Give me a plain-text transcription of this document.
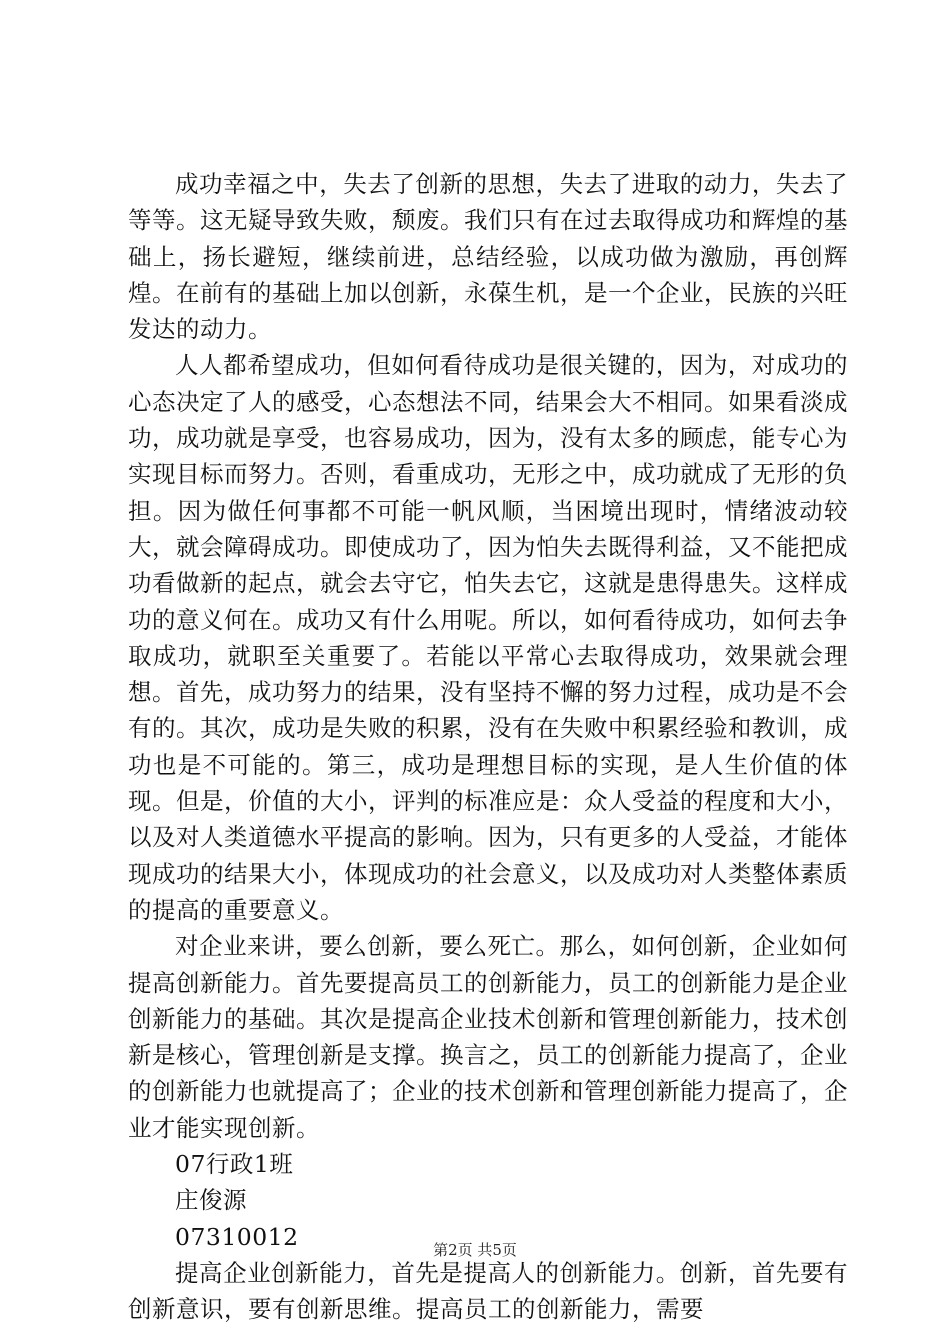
成功幸福之中，失去了创新的思想，失去了进取的动力，失去了等等。这无疑导致失败，颓废。我们只有在过去取得成功和辉煌的基础上，扬长避短，继续前进，总结经验，以成功做为激励，再创辉煌。在前有的基础上加以创新，永葆生机，是一个企业，民族的兴旺发达的动力。

人人都希望成功，但如何看待成功是很关键的，因为，对成功的心态决定了人的感受，心态想法不同，结果会大不相同。如果看淡成功，成功就是享受，也容易成功，因为，没有太多的顾虑，能专心为实现目标而努力。否则，看重成功，无形之中，成功就成了无形的负担。因为做任何事都不可能一帆风顺，当困境出现时，情绪波动较大，就会障碍成功。即使成功了，因为怕失去既得利益，又不能把成功看做新的起点，就会去守它，怕失去它，这就是患得患失。这样成功的意义何在。成功又有什么用呢。所以，如何看待成功，如何去争取成功，就职至关重要了。若能以平常心去取得成功，效果就会理想。首先，成功努力的结果，没有坚持不懈的努力过程，成功是不会有的。其次，成功是失败的积累，没有在失败中积累经验和教训，成功也是不可能的。第三，成功是理想目标的实现，是人生价值的体现。但是，价值的大小，评判的标准应是：众人受益的程度和大小，以及对人类道德水平提高的影响。因为，只有更多的人受益，才能体现成功的结果大小，体现成功的社会意义，以及成功对人类整体素质的提高的重要意义。

对企业来讲，要么创新，要么死亡。那么，如何创新，企业如何提高创新能力。首先要提高员工的创新能力，员工的创新能力是企业创新能力的基础。其次是提高企业技术创新和管理创新能力，技术创新是核心，管理创新是支撑。换言之，员工的创新能力提高了，企业的创新能力也就提高了；企业的技术创新和管理创新能力提高了，企业才能实现创新。

07行政1班

庄俊源

07310012

提高企业创新能力，首先是提高人的创新能力。创新，首先要有创新意识，要有创新思维。提高员工的创新能力，需要

第2页 共5页
